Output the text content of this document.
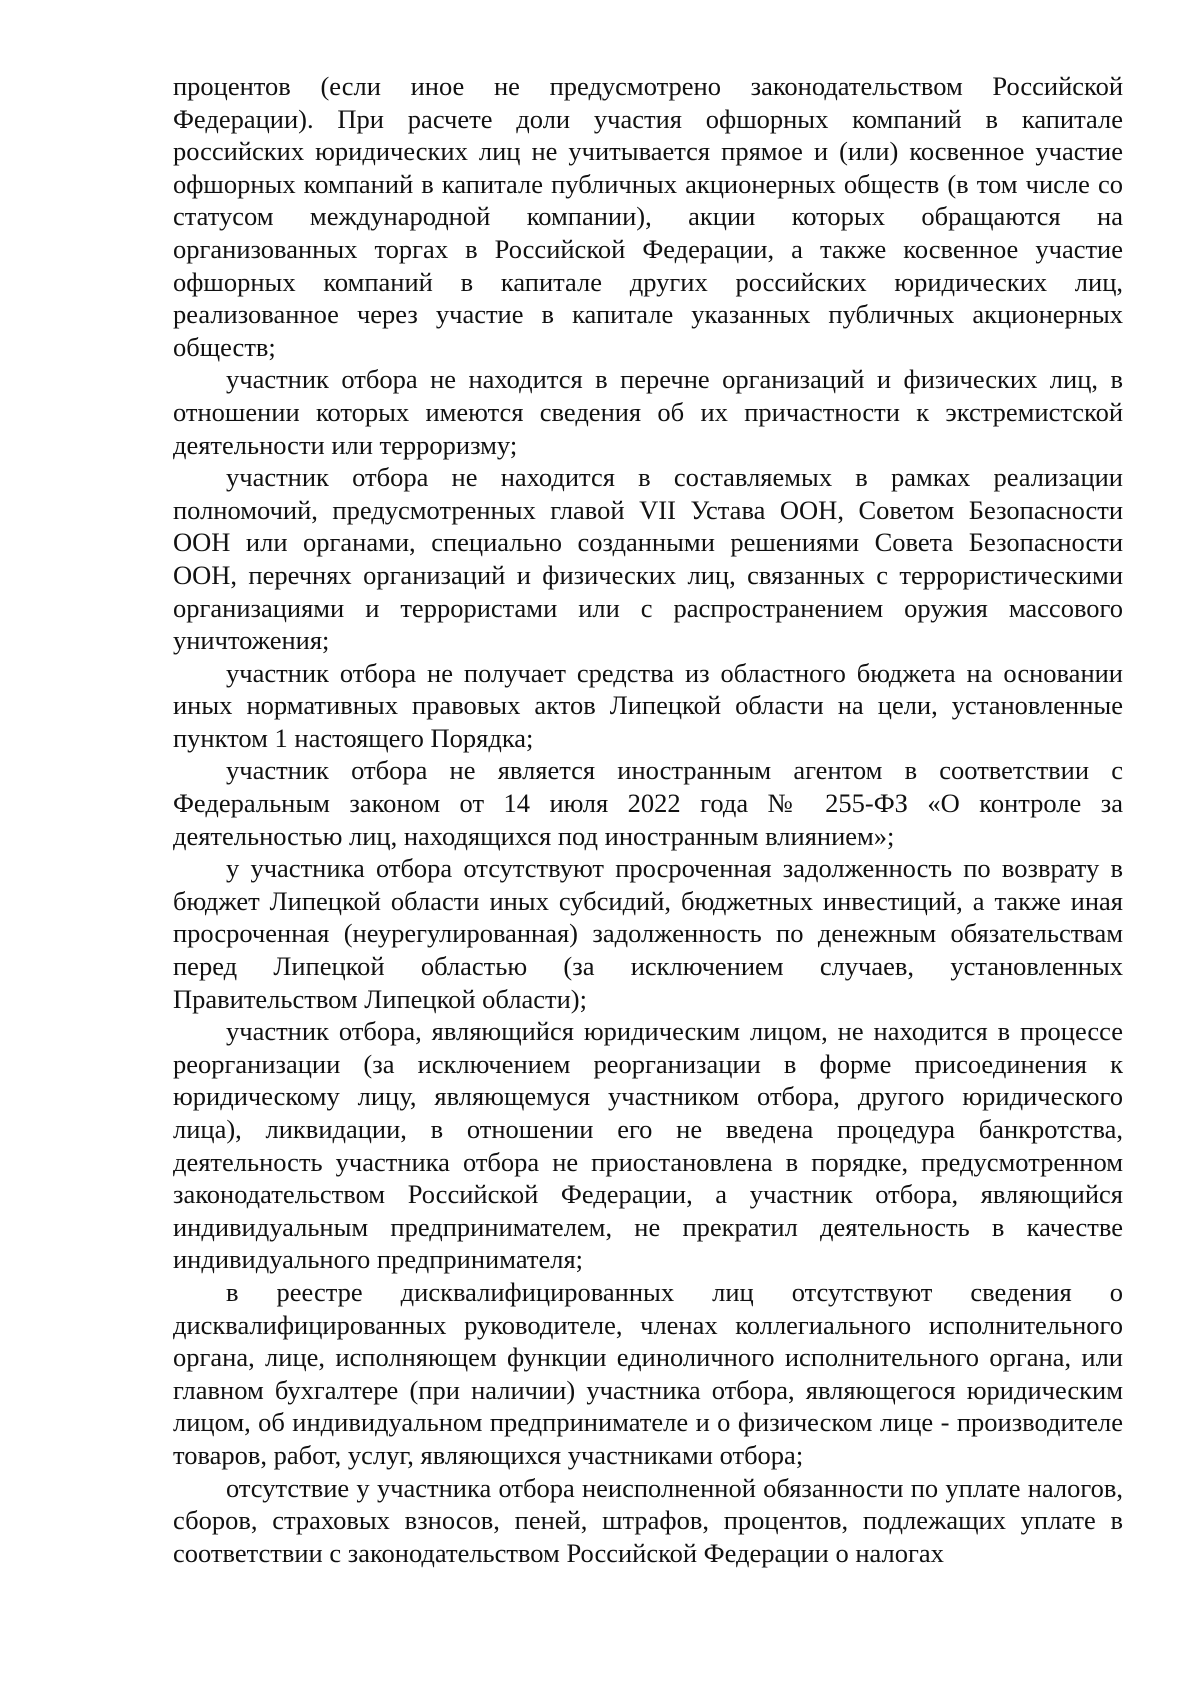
процентов (если иное не предусмотрено законодательством Российской Федерации). При расчете доли участия офшорных компаний в капитале российских юридических лиц не учитывается прямое и (или) косвенное участие офшорных компаний в капитале публичных акционерных обществ (в том числе со статусом международной компании), акции которых обращаются на организованных торгах в Российской Федерации, а также косвенное участие офшорных компаний в капитале других российских юридических лиц, реализованное через участие в капитале указанных публичных акционерных обществ;

участник отбора не находится в перечне организаций и физических лиц, в отношении которых имеются сведения об их причастности к экстремистской деятельности или терроризму;

участник отбора не находится в составляемых в рамках реализации полномочий, предусмотренных главой VII Устава ООН, Советом Безопасности ООН или органами, специально созданными решениями Совета Безопасности ООН, перечнях организаций и физических лиц, связанных с террористическими организациями и террористами или с распространением оружия массового уничтожения;

участник отбора не получает средства из областного бюджета на основании иных нормативных правовых актов Липецкой области на цели, установленные пунктом 1 настоящего Порядка;

участник отбора не является иностранным агентом в соответствии с Федеральным законом от 14 июля 2022 года № 255-ФЗ «О контроле за деятельностью лиц, находящихся под иностранным влиянием»;

у участника отбора отсутствуют просроченная задолженность по возврату в бюджет Липецкой области иных субсидий, бюджетных инвестиций, а также иная просроченная (неурегулированная) задолженность по денежным обязательствам перед Липецкой областью (за исключением случаев, установленных Правительством Липецкой области);

участник отбора, являющийся юридическим лицом, не находится в процессе реорганизации (за исключением реорганизации в форме присоединения к юридическому лицу, являющемуся участником отбора, другого юридического лица), ликвидации, в отношении его не введена процедура банкротства, деятельность участника отбора не приостановлена в порядке, предусмотренном законодательством Российской Федерации, а участник отбора, являющийся индивидуальным предпринимателем, не прекратил деятельность в качестве индивидуального предпринимателя;

в реестре дисквалифицированных лиц отсутствуют сведения о дисквалифицированных руководителе, членах коллегиального исполнительного органа, лице, исполняющем функции единоличного исполнительного органа, или главном бухгалтере (при наличии) участника отбора, являющегося юридическим лицом, об индивидуальном предпринимателе и о физическом лице - производителе товаров, работ, услуг, являющихся участниками отбора;

отсутствие у участника отбора неисполненной обязанности по уплате налогов, сборов, страховых взносов, пеней, штрафов, процентов, подлежащих уплате в соответствии с законодательством Российской Федерации о налогах
